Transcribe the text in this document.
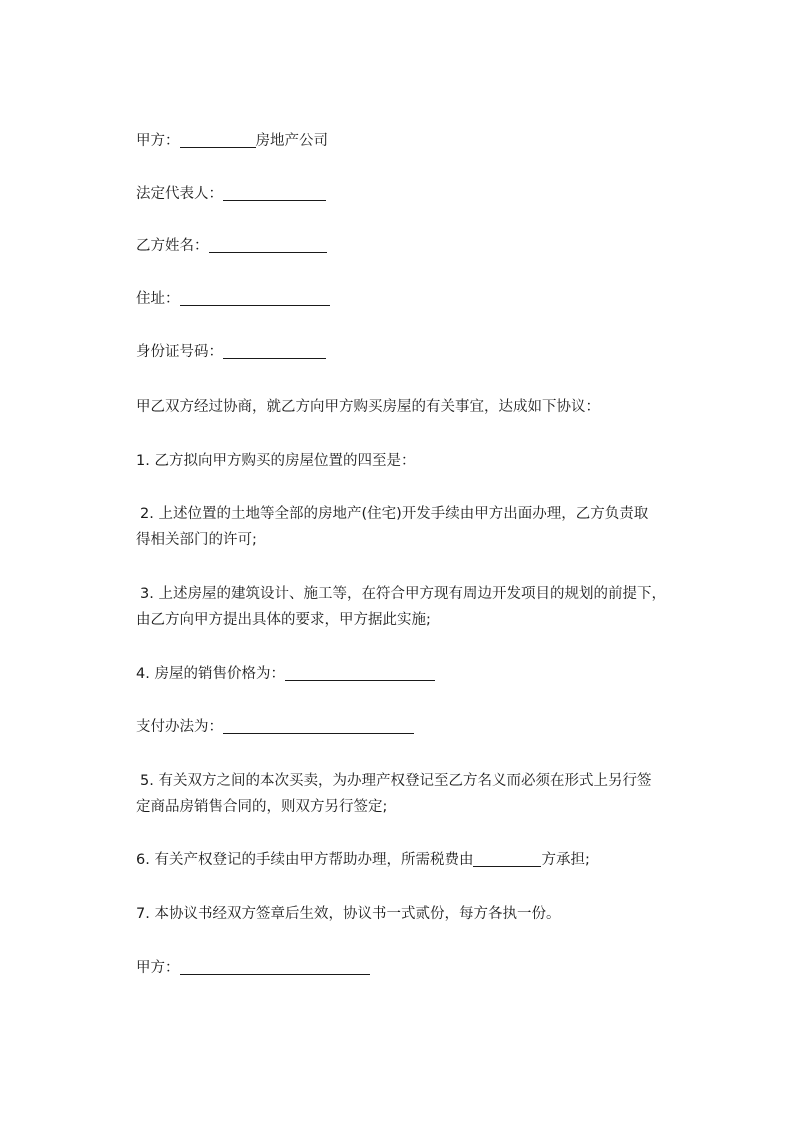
甲方：	房地产公司
法定代表人：
乙方姓名：
住址：
身份证号码：
甲乙双方经过协商，就乙方向甲方购买房屋的有关事宜，达成如下协议：
1. 乙方拟向甲方购买的房屋位置的四至是：
2. 上述位置的土地等全部的房地产(住宅)开发手续由甲方出面办理，乙方负责取
得相关部门的许可;
3. 上述房屋的建筑设计、施工等，在符合甲方现有周边开发项目的规划的前提下，
由乙方向甲方提出具体的要求，甲方据此实施;
4. 房屋的销售价格为：
支付办法为：
5. 有关双方之间的本次买卖，为办理产权登记至乙方名义而必须在形式上另行签
定商品房销售合同的，则双方另行签定;
6. 有关产权登记的手续由甲方帮助办理，所需税费由	方承担;
7. 本协议书经双方签章后生效，协议书一式贰份，每方各执一份。
甲方：
